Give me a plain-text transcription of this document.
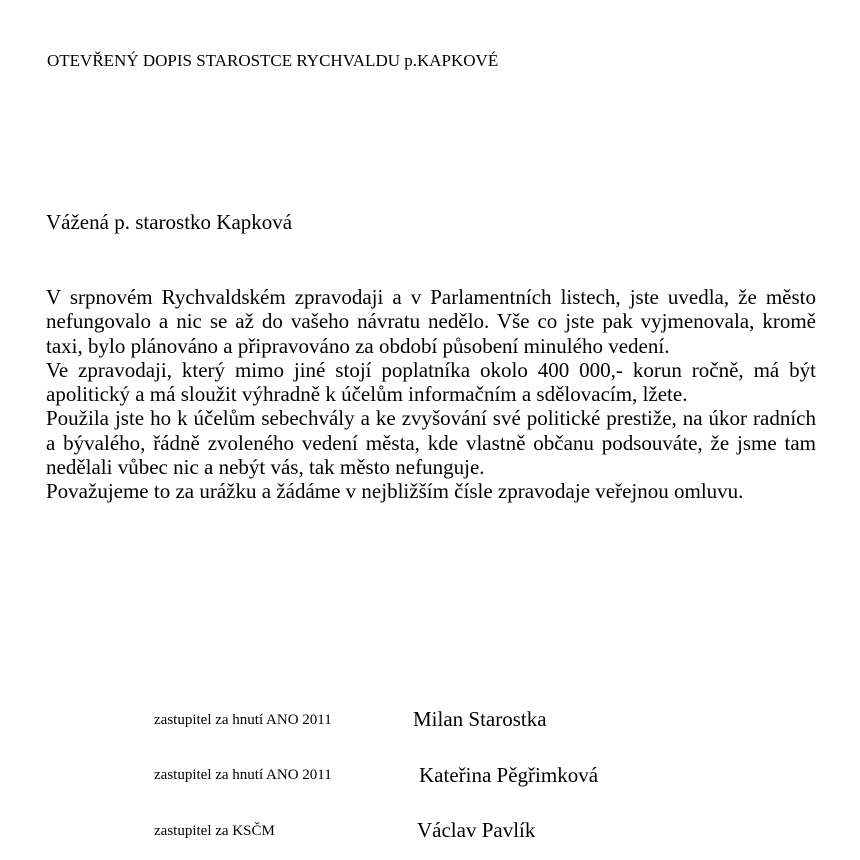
OTEVŘENÝ DOPIS STAROSTCE RYCHVALDU p.KAPKOVÉ
Vážená p. starostko Kapková

V srpnovém Rychvaldském zpravodaji a v Parlamentních listech, jste uvedla, že město nefungovalo a nic se až do vašeho návratu nedělo. Vše co jste pak vyjmenovala, kromě taxi, bylo plánováno a připravováno za období působení minulého vedení.

Ve zpravodaji, který mimo jiné stojí poplatníka okolo 400 000,- korun ročně, má být apolitický a má sloužit výhradně k účelům informačním a sdělovacím, lžete.

Použila jste ho k účelům sebechvály a ke zvyšování své politické prestiže, na úkor radních a bývalého, řádně zvoleného vedení města, kde vlastně občanu podsouváte, že jsme tam nedělali vůbec nic a nebýt vás, tak město nefunguje.

Považujeme to za urážku a žádáme v nejbližším čísle zpravodaje veřejnou omluvu.

zastupitel za hnutí ANO 2011	Milan Starostka
zastupitel za hnutí ANO 2011	Kateřina Pěgřimková
zastupitel za KSČM	Václav Pavlík
